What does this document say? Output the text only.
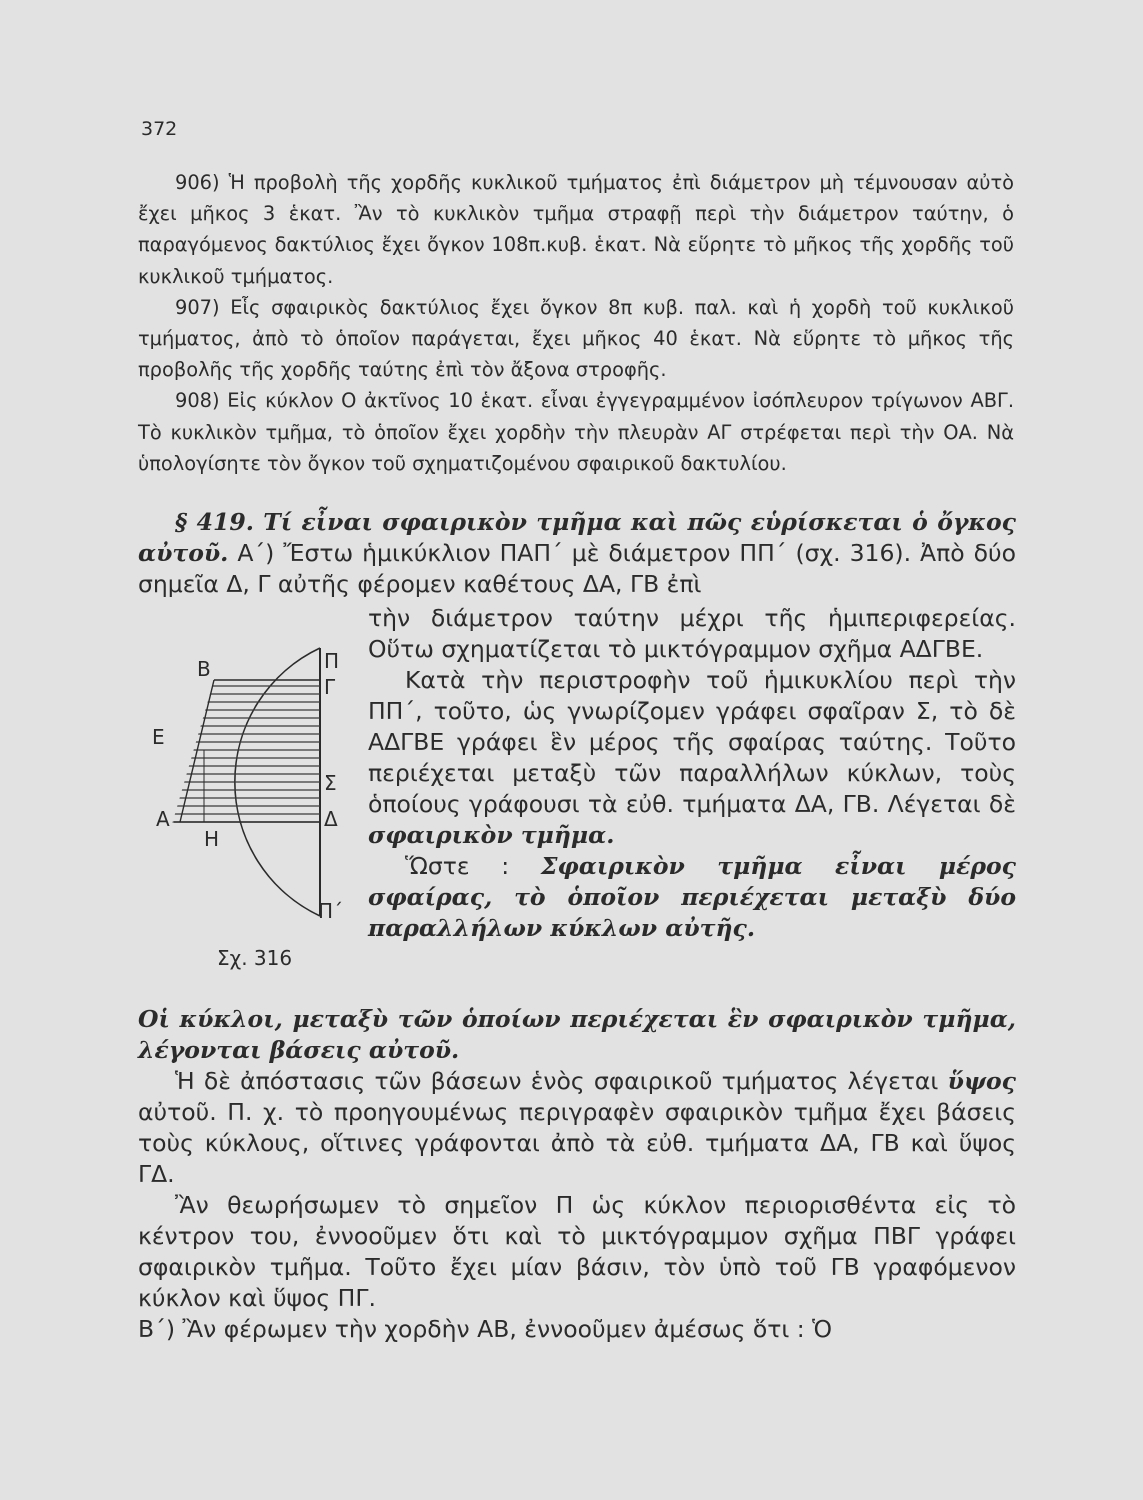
372

906) Ἡ προβολὴ τῆς χορδῆς κυκλικοῦ τμήματος ἐπὶ διάμετρον μὴ τέμνουσαν αὐτὸ ἔχει μῆκος 3 ἑκατ. Ἂν τὸ κυκλικὸν τμῆμα στραφῇ περὶ τὴν διάμετρον ταύτην, ὁ παραγόμενος δακτύλιος ἔχει ὄγκον 108π.κυβ. ἑκατ. Νὰ εὕρητε τὸ μῆκος τῆς χορδῆς τοῦ κυκλικοῦ τμήματος.

907) Εἷς σφαιρικὸς δακτύλιος ἔχει ὄγκον 8π κυβ. παλ. καὶ ἡ χορδὴ τοῦ κυκλικοῦ τμήματος, ἀπὸ τὸ ὁποῖον παράγεται, ἔχει μῆκος 40 ἑκατ. Νὰ εὕρητε τὸ μῆκος τῆς προβολῆς τῆς χορδῆς ταύτης ἐπὶ τὸν ἄξονα στροφῆς.

908) Εἰς κύκλον Ο ἀκτῖνος 10 ἑκατ. εἶναι ἐγγεγραμμένον ἰσόπλευρον τρίγωνον ΑΒΓ. Τὸ κυκλικὸν τμῆμα, τὸ ὁποῖον ἔχει χορδὴν τὴν πλευρὰν ΑΓ στρέφεται περὶ τὴν ΟΑ. Νὰ ὑπολογίσητε τὸν ὄγκον τοῦ σχηματιζομένου σφαιρικοῦ δακτυλίου.

§ 419. Τί εἶναι σφαιρικὸν τμῆμα καὶ πῶς εὑρίσκεται ὁ ὄγκος αὐτοῦ. Α΄) Ἔστω ἡμικύκλιον ΠΑΠ΄ μὲ διάμετρον ΠΠ΄ (σχ. 316). Ἀπὸ δύο σημεῖα Δ, Γ αὐτῆς φέρομεν καθέτους ΔΑ, ΓΒ ἐπὶ

Π
Γ
Β
Ε
Σ
Δ
Α
Η
Π΄
Σχ. 316

τὴν διάμετρον ταύτην μέχρι τῆς ἡμιπεριφερείας. Οὕτω σχηματίζεται τὸ μικτόγραμμον σχῆμα ΑΔΓΒΕ.

Κατὰ τὴν περιστροφὴν τοῦ ἡμικυκλίου περὶ τὴν ΠΠ΄, τοῦτο, ὡς γνωρίζομεν γράφει σφαῖραν Σ, τὸ δὲ ΑΔΓΒΕ γράφει ἓν μέρος τῆς σφαίρας ταύτης. Τοῦτο περιέχεται μεταξὺ τῶν παραλλήλων κύκλων, τοὺς ὁποίους γράφουσι τὰ εὐθ. τμήματα ΔΑ, ΓΒ. Λέγεται δὲ σφαιρικὸν τμῆμα.

Ὥστε : Σφαιρικὸν τμῆμα εἶναι μέρος σφαίρας, τὸ ὁποῖον περιέχεται μεταξὺ δύο παραλλήλων κύκλων αὐτῆς.

Οἱ κύκλοι, μεταξὺ τῶν ὁποίων περιέχεται ἓν σφαιρικὸν τμῆμα, λέγονται βάσεις αὐτοῦ.

Ἡ δὲ ἀπόστασις τῶν βάσεων ἑνὸς σφαιρικοῦ τμήματος λέγεται ὕψος αὐτοῦ. Π. χ. τὸ προηγουμένως περιγραφὲν σφαιρικὸν τμῆμα ἔχει βάσεις τοὺς κύκλους, οἵτινες γράφονται ἀπὸ τὰ εὐθ. τμήματα ΔΑ, ΓΒ καὶ ὕψος ΓΔ.

Ἂν θεωρήσωμεν τὸ σημεῖον Π ὡς κύκλον περιορισθέντα εἰς τὸ κέντρον του, ἐννοοῦμεν ὅτι καὶ τὸ μικτόγραμμον σχῆμα ΠΒΓ γράφει σφαιρικὸν τμῆμα. Τοῦτο ἔχει μίαν βάσιν, τὸν ὑπὸ τοῦ ΓΒ γραφόμενον κύκλον καὶ ὕψος ΠΓ.

Β΄) Ἂν φέρωμεν τὴν χορδὴν ΑΒ, ἐννοοῦμεν ἀμέσως ὅτι : Ὁ
